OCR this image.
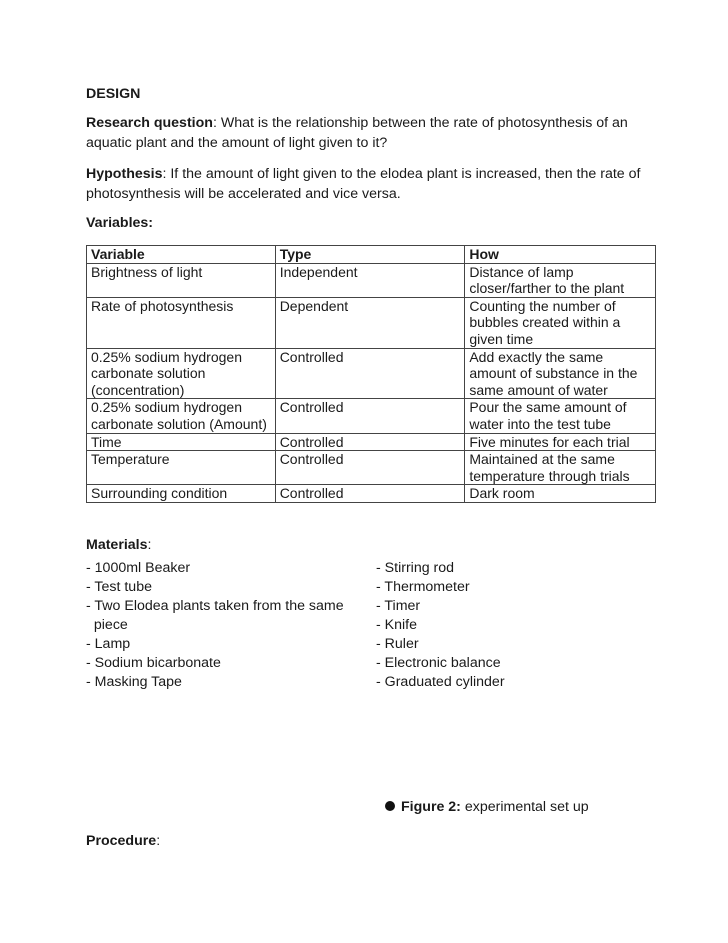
DESIGN

Research question: What is the relationship between the rate of photosynthesis of an aquatic plant and the amount of light given to it?

Hypothesis: If the amount of light given to the elodea plant is increased, then the rate of photosynthesis will be accelerated and vice versa.

Variables:
Variable	Type	How
Brightness of light	Independent	Distance of lamp closer/farther to the plant
Rate of photosynthesis	Dependent	Counting the number of bubbles created within a given time
0.25% sodium hydrogen carbonate solution (concentration)	Controlled	Add exactly the same amount of substance in the same amount of water
0.25% sodium hydrogen carbonate solution (Amount)	Controlled	Pour the same amount of water into the test tube
Time	Controlled	Five minutes for each trial
Temperature	Controlled	Maintained at the same temperature through trials
Surrounding condition	Controlled	Dark room
Materials:
- 1000ml Beaker
- Test tube
- Two Elodea plants taken from the same
piece
- Lamp
- Sodium bicarbonate
- Masking Tape
- Stirring rod
- Thermometer
- Timer
- Knife
- Ruler
- Electronic balance
- Graduated cylinder
Figure 2: experimental set up
Procedure:
